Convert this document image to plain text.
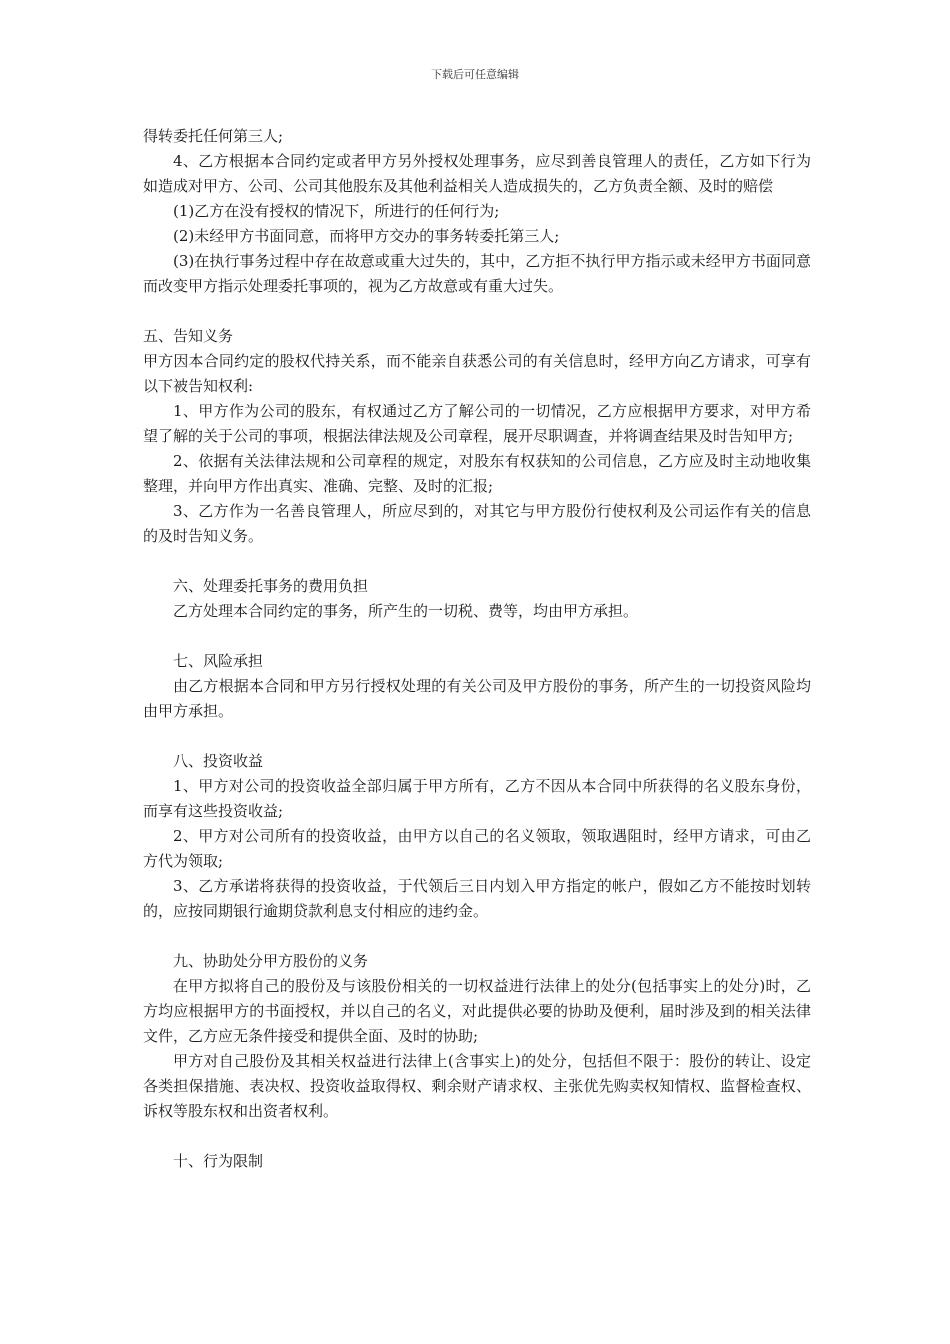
下载后可任意编辑

得转委托任何第三人;

4、乙方根据本合同约定或者甲方另外授权处理事务，应尽到善良管理人的责任，乙方如下行为如造成对甲方、公司、公司其他股东及其他利益相关人造成损失的，乙方负责全额、及时的赔偿

(1)乙方在没有授权的情况下，所进行的任何行为;

(2)未经甲方书面同意，而将甲方交办的事务转委托第三人;

(3)在执行事务过程中存在故意或重大过失的，其中，乙方拒不执行甲方指示或未经甲方书面同意而改变甲方指示处理委托事项的，视为乙方故意或有重大过失。

五、告知义务

甲方因本合同约定的股权代持关系，而不能亲自获悉公司的有关信息时，经甲方向乙方请求，可享有以下被告知权利:

1、甲方作为公司的股东，有权通过乙方了解公司的一切情况，乙方应根据甲方要求，对甲方希望了解的关于公司的事项，根据法律法规及公司章程，展开尽职调查，并将调查结果及时告知甲方;

2、依据有关法律法规和公司章程的规定，对股东有权获知的公司信息，乙方应及时主动地收集整理，并向甲方作出真实、准确、完整、及时的汇报;

3、乙方作为一名善良管理人，所应尽到的，对其它与甲方股份行使权利及公司运作有关的信息的及时告知义务。

六、处理委托事务的费用负担

乙方处理本合同约定的事务，所产生的一切税、费等，均由甲方承担。

七、风险承担

由乙方根据本合同和甲方另行授权处理的有关公司及甲方股份的事务，所产生的一切投资风险均由甲方承担。

八、投资收益

1、甲方对公司的投资收益全部归属于甲方所有，乙方不因从本合同中所获得的名义股东身份，而享有这些投资收益;

2、甲方对公司所有的投资收益，由甲方以自己的名义领取，领取遇阻时，经甲方请求，可由乙方代为领取;

3、乙方承诺将获得的投资收益，于代领后三日内划入甲方指定的帐户，假如乙方不能按时划转的，应按同期银行逾期贷款利息支付相应的违约金。

九、协助处分甲方股份的义务

在甲方拟将自己的股份及与该股份相关的一切权益进行法律上的处分(包括事实上的处分)时，乙方均应根据甲方的书面授权，并以自己的名义，对此提供必要的协助及便利，届时涉及到的相关法律文件，乙方应无条件接受和提供全面、及时的协助;

甲方对自己股份及其相关权益进行法律上(含事实上)的处分，包括但不限于：股份的转让、设定各类担保措施、表决权、投资收益取得权、剩余财产请求权、主张优先购卖权知情权、监督检查权、诉权等股东权和出资者权利。

十、行为限制
